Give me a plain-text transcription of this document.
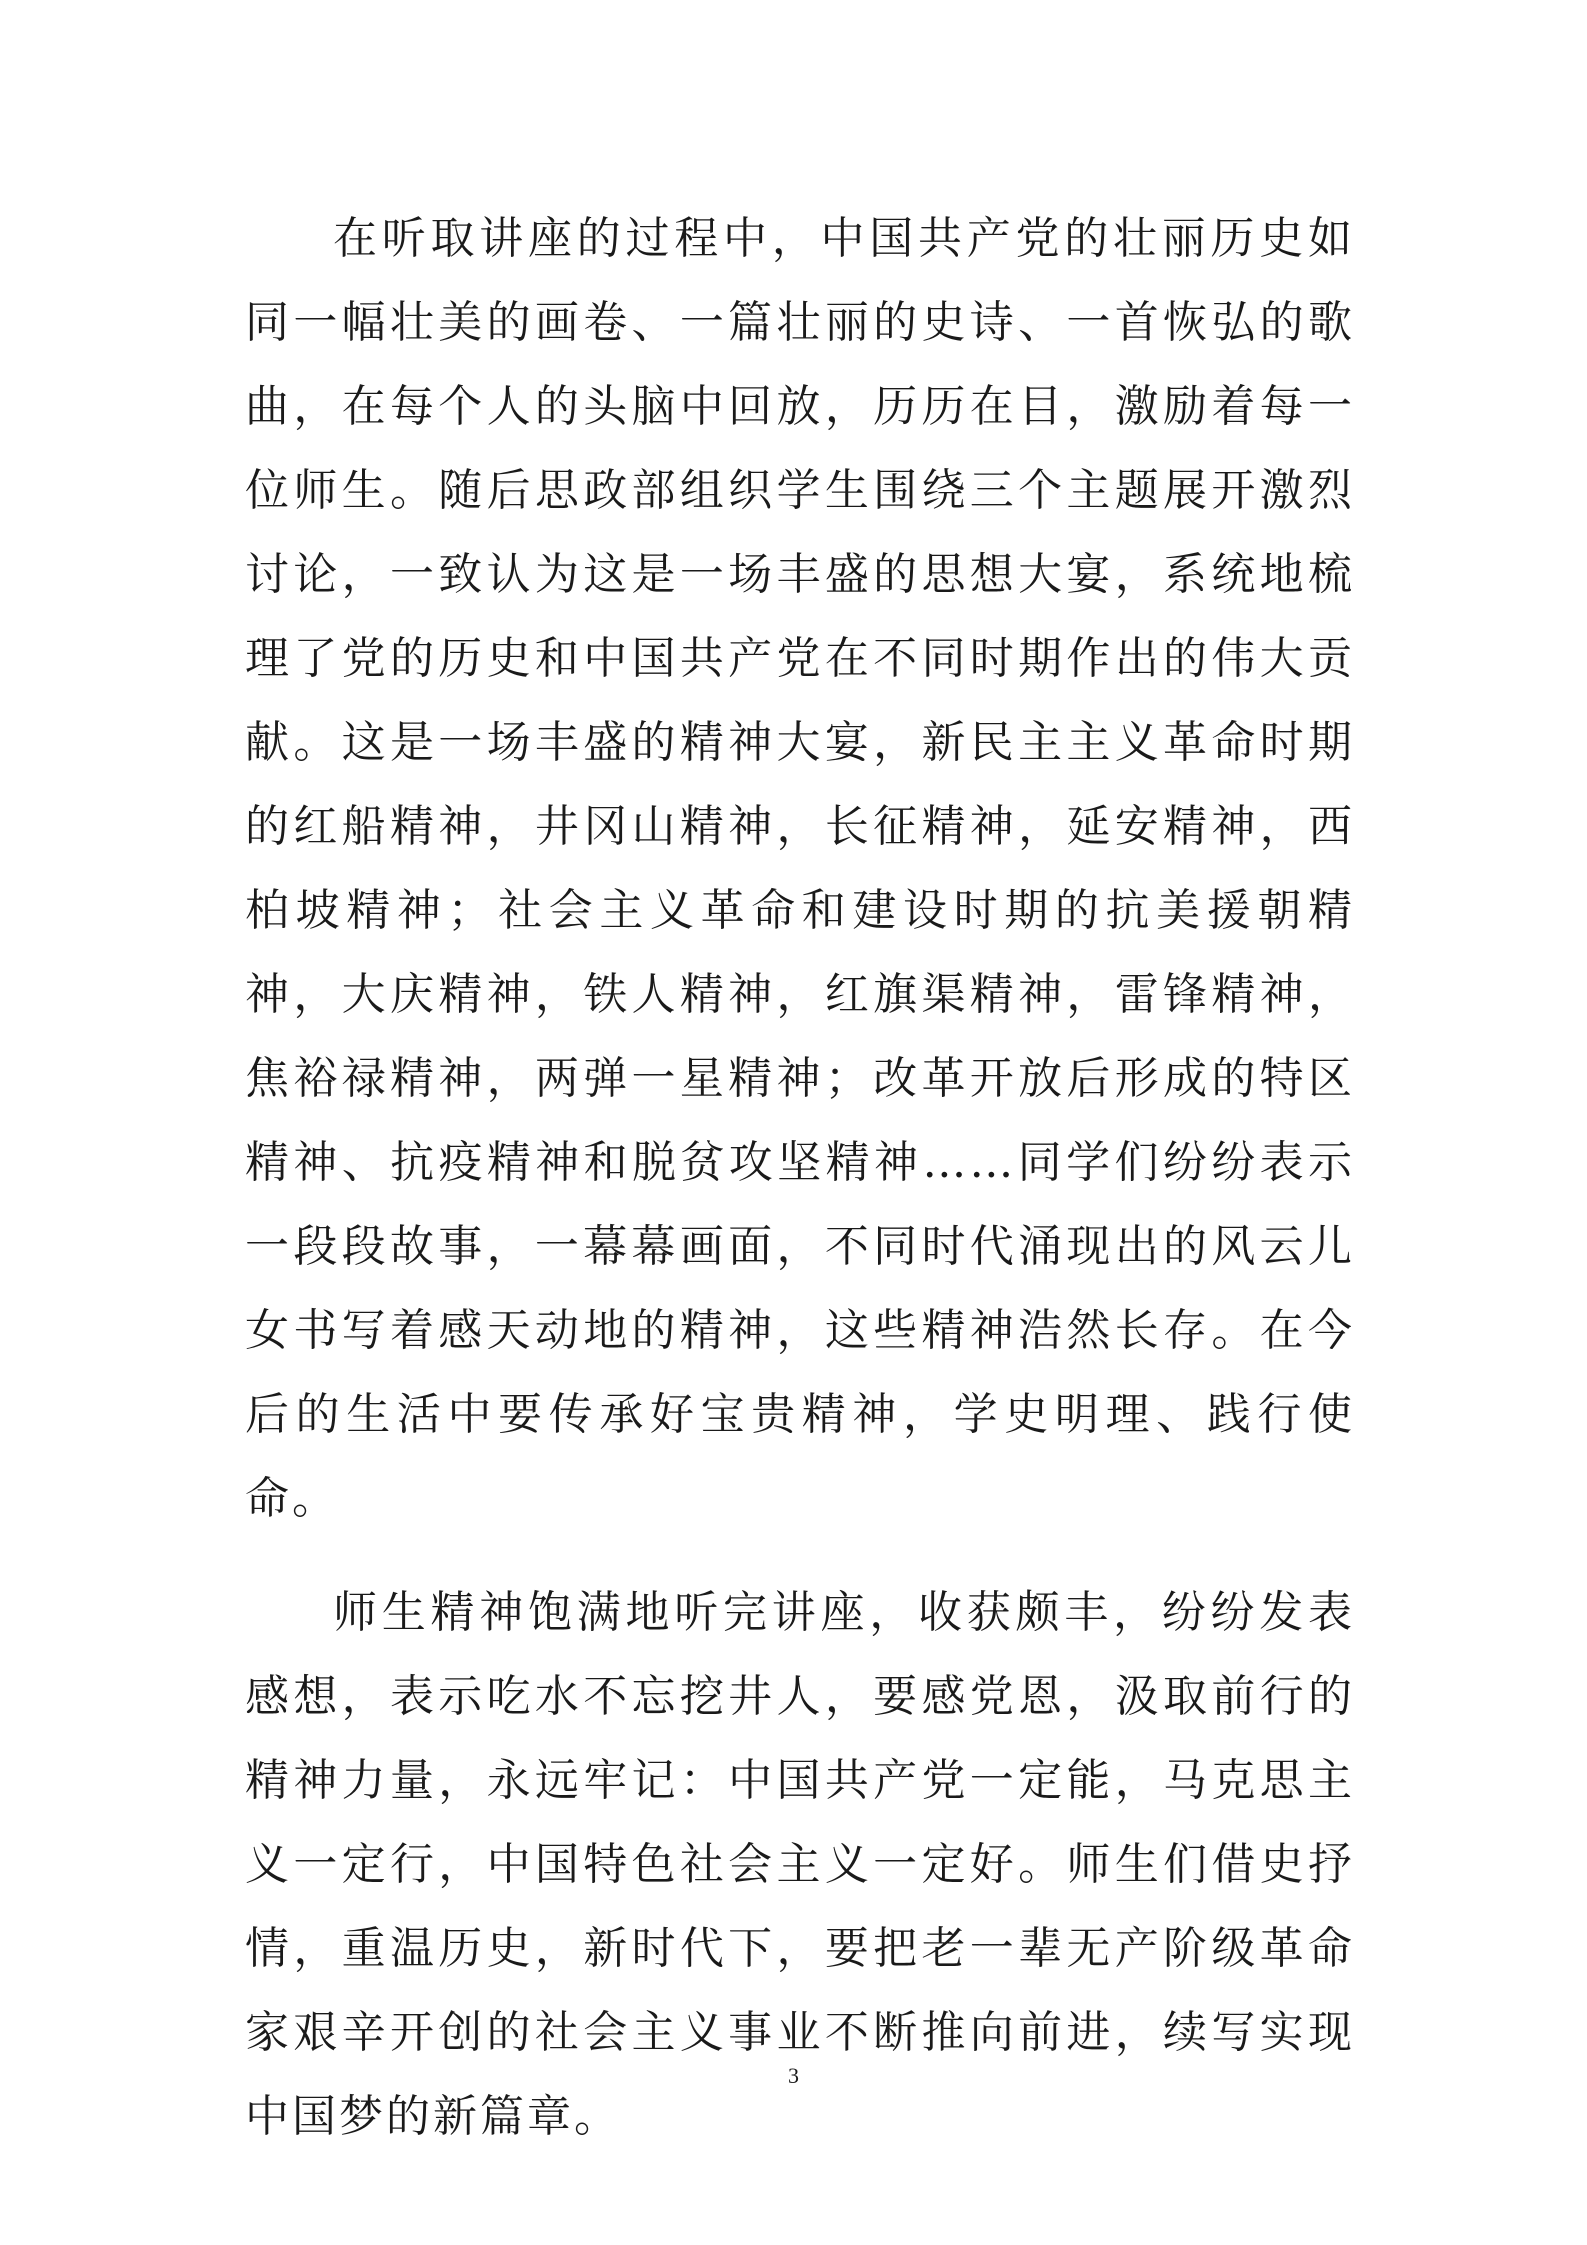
在听取讲座的过程中，中国共产党的壮丽历史如同一幅壮美的画卷、一篇壮丽的史诗、一首恢弘的歌曲，在每个人的头脑中回放，历历在目，激励着每一位师生。随后思政部组织学生围绕三个主题展开激烈讨论，一致认为这是一场丰盛的思想大宴，系统地梳理了党的历史和中国共产党在不同时期作出的伟大贡献。这是一场丰盛的精神大宴，新民主主义革命时期的红船精神，井冈山精神，长征精神，延安精神，西柏坡精神；社会主义革命和建设时期的抗美援朝精神，大庆精神，铁人精神，红旗渠精神，雷锋精神，焦裕禄精神，两弹一星精神；改革开放后形成的特区精神、抗疫精神和脱贫攻坚精神……同学们纷纷表示一段段故事，一幕幕画面，不同时代涌现出的风云儿女书写着感天动地的精神，这些精神浩然长存。在今后的生活中要传承好宝贵精神，学史明理、践行使命。

师生精神饱满地听完讲座，收获颇丰，纷纷发表感想，表示吃水不忘挖井人，要感党恩，汲取前行的精神力量，永远牢记：中国共产党一定能，马克思主义一定行，中国特色社会主义一定好。师生们借史抒情，重温历史，新时代下，要把老一辈无产阶级革命家艰辛开创的社会主义事业不断推向前进，续写实现中国梦的新篇章。

3
